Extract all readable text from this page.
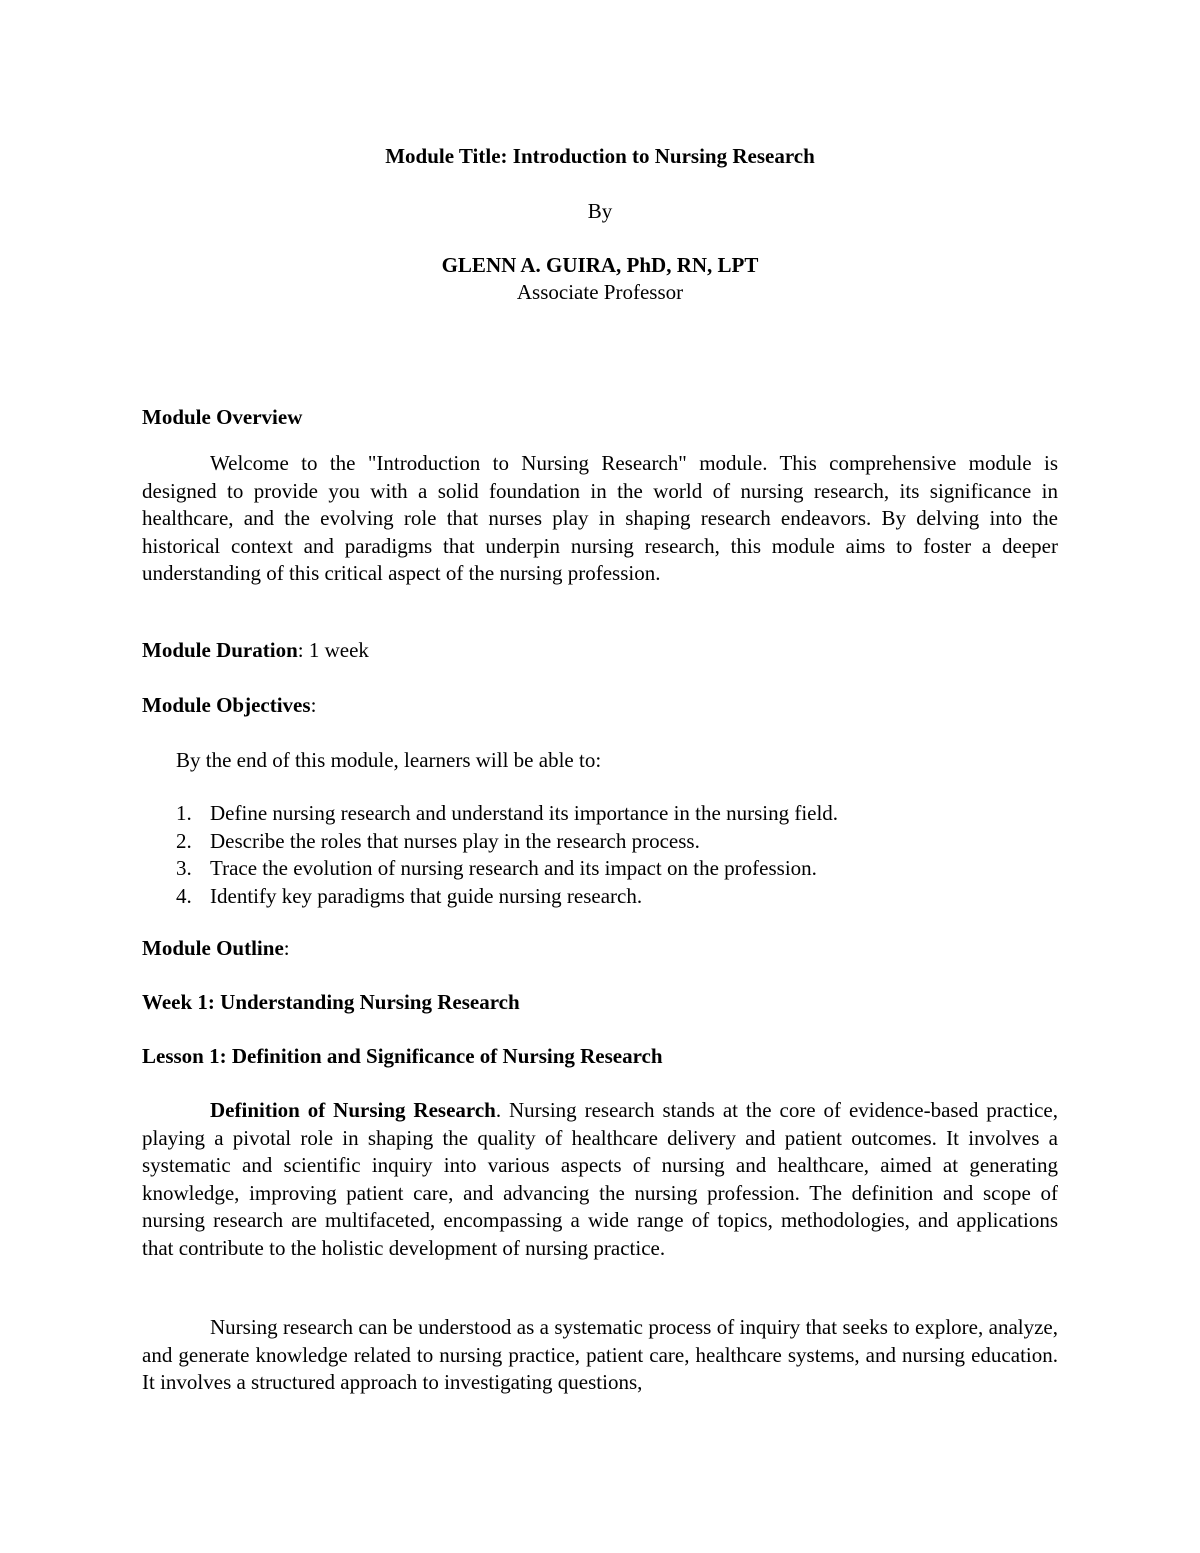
Module Title: Introduction to Nursing Research
By
GLENN A. GUIRA, PhD, RN, LPT
Associate Professor
Module Overview

Welcome to the "Introduction to Nursing Research" module. This comprehensive module is designed to provide you with a solid foundation in the world of nursing research, its significance in healthcare, and the evolving role that nurses play in shaping research endeavors. By delving into the historical context and paradigms that underpin nursing research, this module aims to foster a deeper understanding of this critical aspect of the nursing profession.

Module Duration: 1 week
Module Objectives:
By the end of this module, learners will be able to:
1. Define nursing research and understand its importance in the nursing field.
2. Describe the roles that nurses play in the research process.
3. Trace the evolution of nursing research and its impact on the profession.
4. Identify key paradigms that guide nursing research.
Module Outline:
Week 1: Understanding Nursing Research
Lesson 1: Definition and Significance of Nursing Research

Definition of Nursing Research. Nursing research stands at the core of evidence-based practice, playing a pivotal role in shaping the quality of healthcare delivery and patient outcomes. It involves a systematic and scientific inquiry into various aspects of nursing and healthcare, aimed at generating knowledge, improving patient care, and advancing the nursing profession. The definition and scope of nursing research are multifaceted, encompassing a wide range of topics, methodologies, and applications that contribute to the holistic development of nursing practice.

Nursing research can be understood as a systematic process of inquiry that seeks to explore, analyze, and generate knowledge related to nursing practice, patient care, healthcare systems, and nursing education. It involves a structured approach to investigating questions,
